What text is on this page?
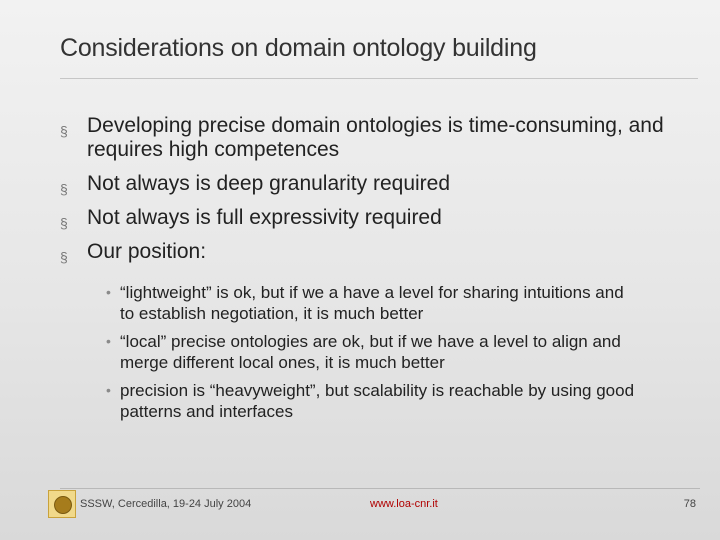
Considerations on domain ontology building
§ Developing precise domain ontologies is time-consuming, and requires high competences
§ Not always is deep granularity required
§ Not always is full expressivity required
§ Our position:
• “lightweight” is ok, but if we a have a level for sharing intuitions and to establish negotiation, it is much better
• “local” precise ontologies are ok, but if we have a level to align and merge different local ones, it is much better
• precision is “heavyweight”, but scalability is reachable by using good patterns and interfaces
SSSW, Cercedilla, 19-24 July 2004	www.loa-cnr.it	78
